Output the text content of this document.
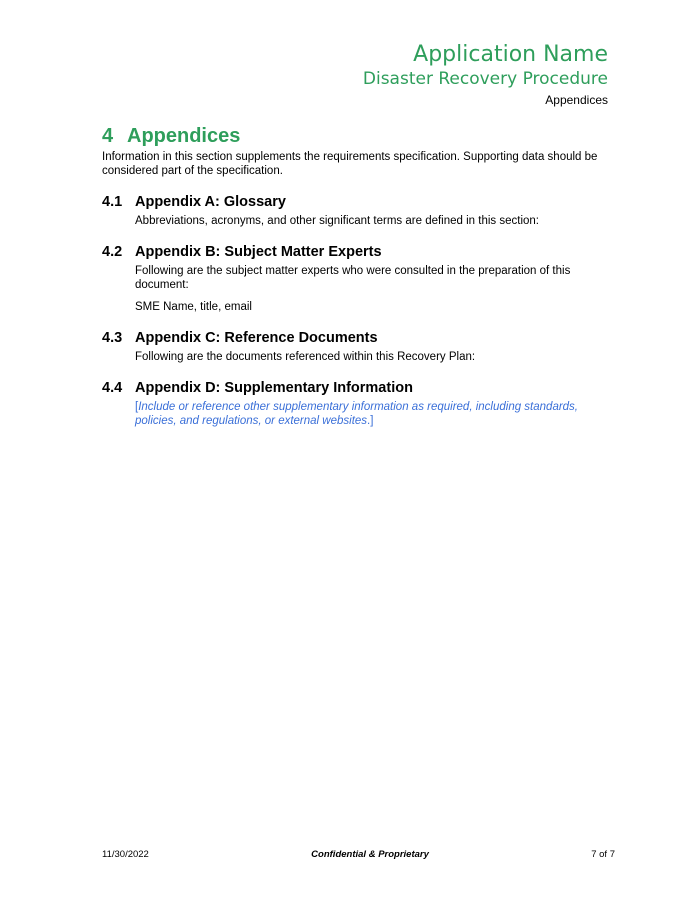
Application Name
Disaster Recovery Procedure
Appendices
4 Appendices

Information in this section supplements the requirements specification. Supporting data should be considered part of the specification.

4.1 Appendix A: Glossary

Abbreviations, acronyms, and other significant terms are defined in this section:

4.2 Appendix B: Subject Matter Experts

Following are the subject matter experts who were consulted in the preparation of this document:

SME Name, title, email

4.3 Appendix C: Reference Documents

Following are the documents referenced within this Recovery Plan:

4.4 Appendix D: Supplementary Information

[Include or reference other supplementary information as required, including standards, policies, and regulations, or external websites.]

11/30/2022	Confidential & Proprietary	7 of 7
